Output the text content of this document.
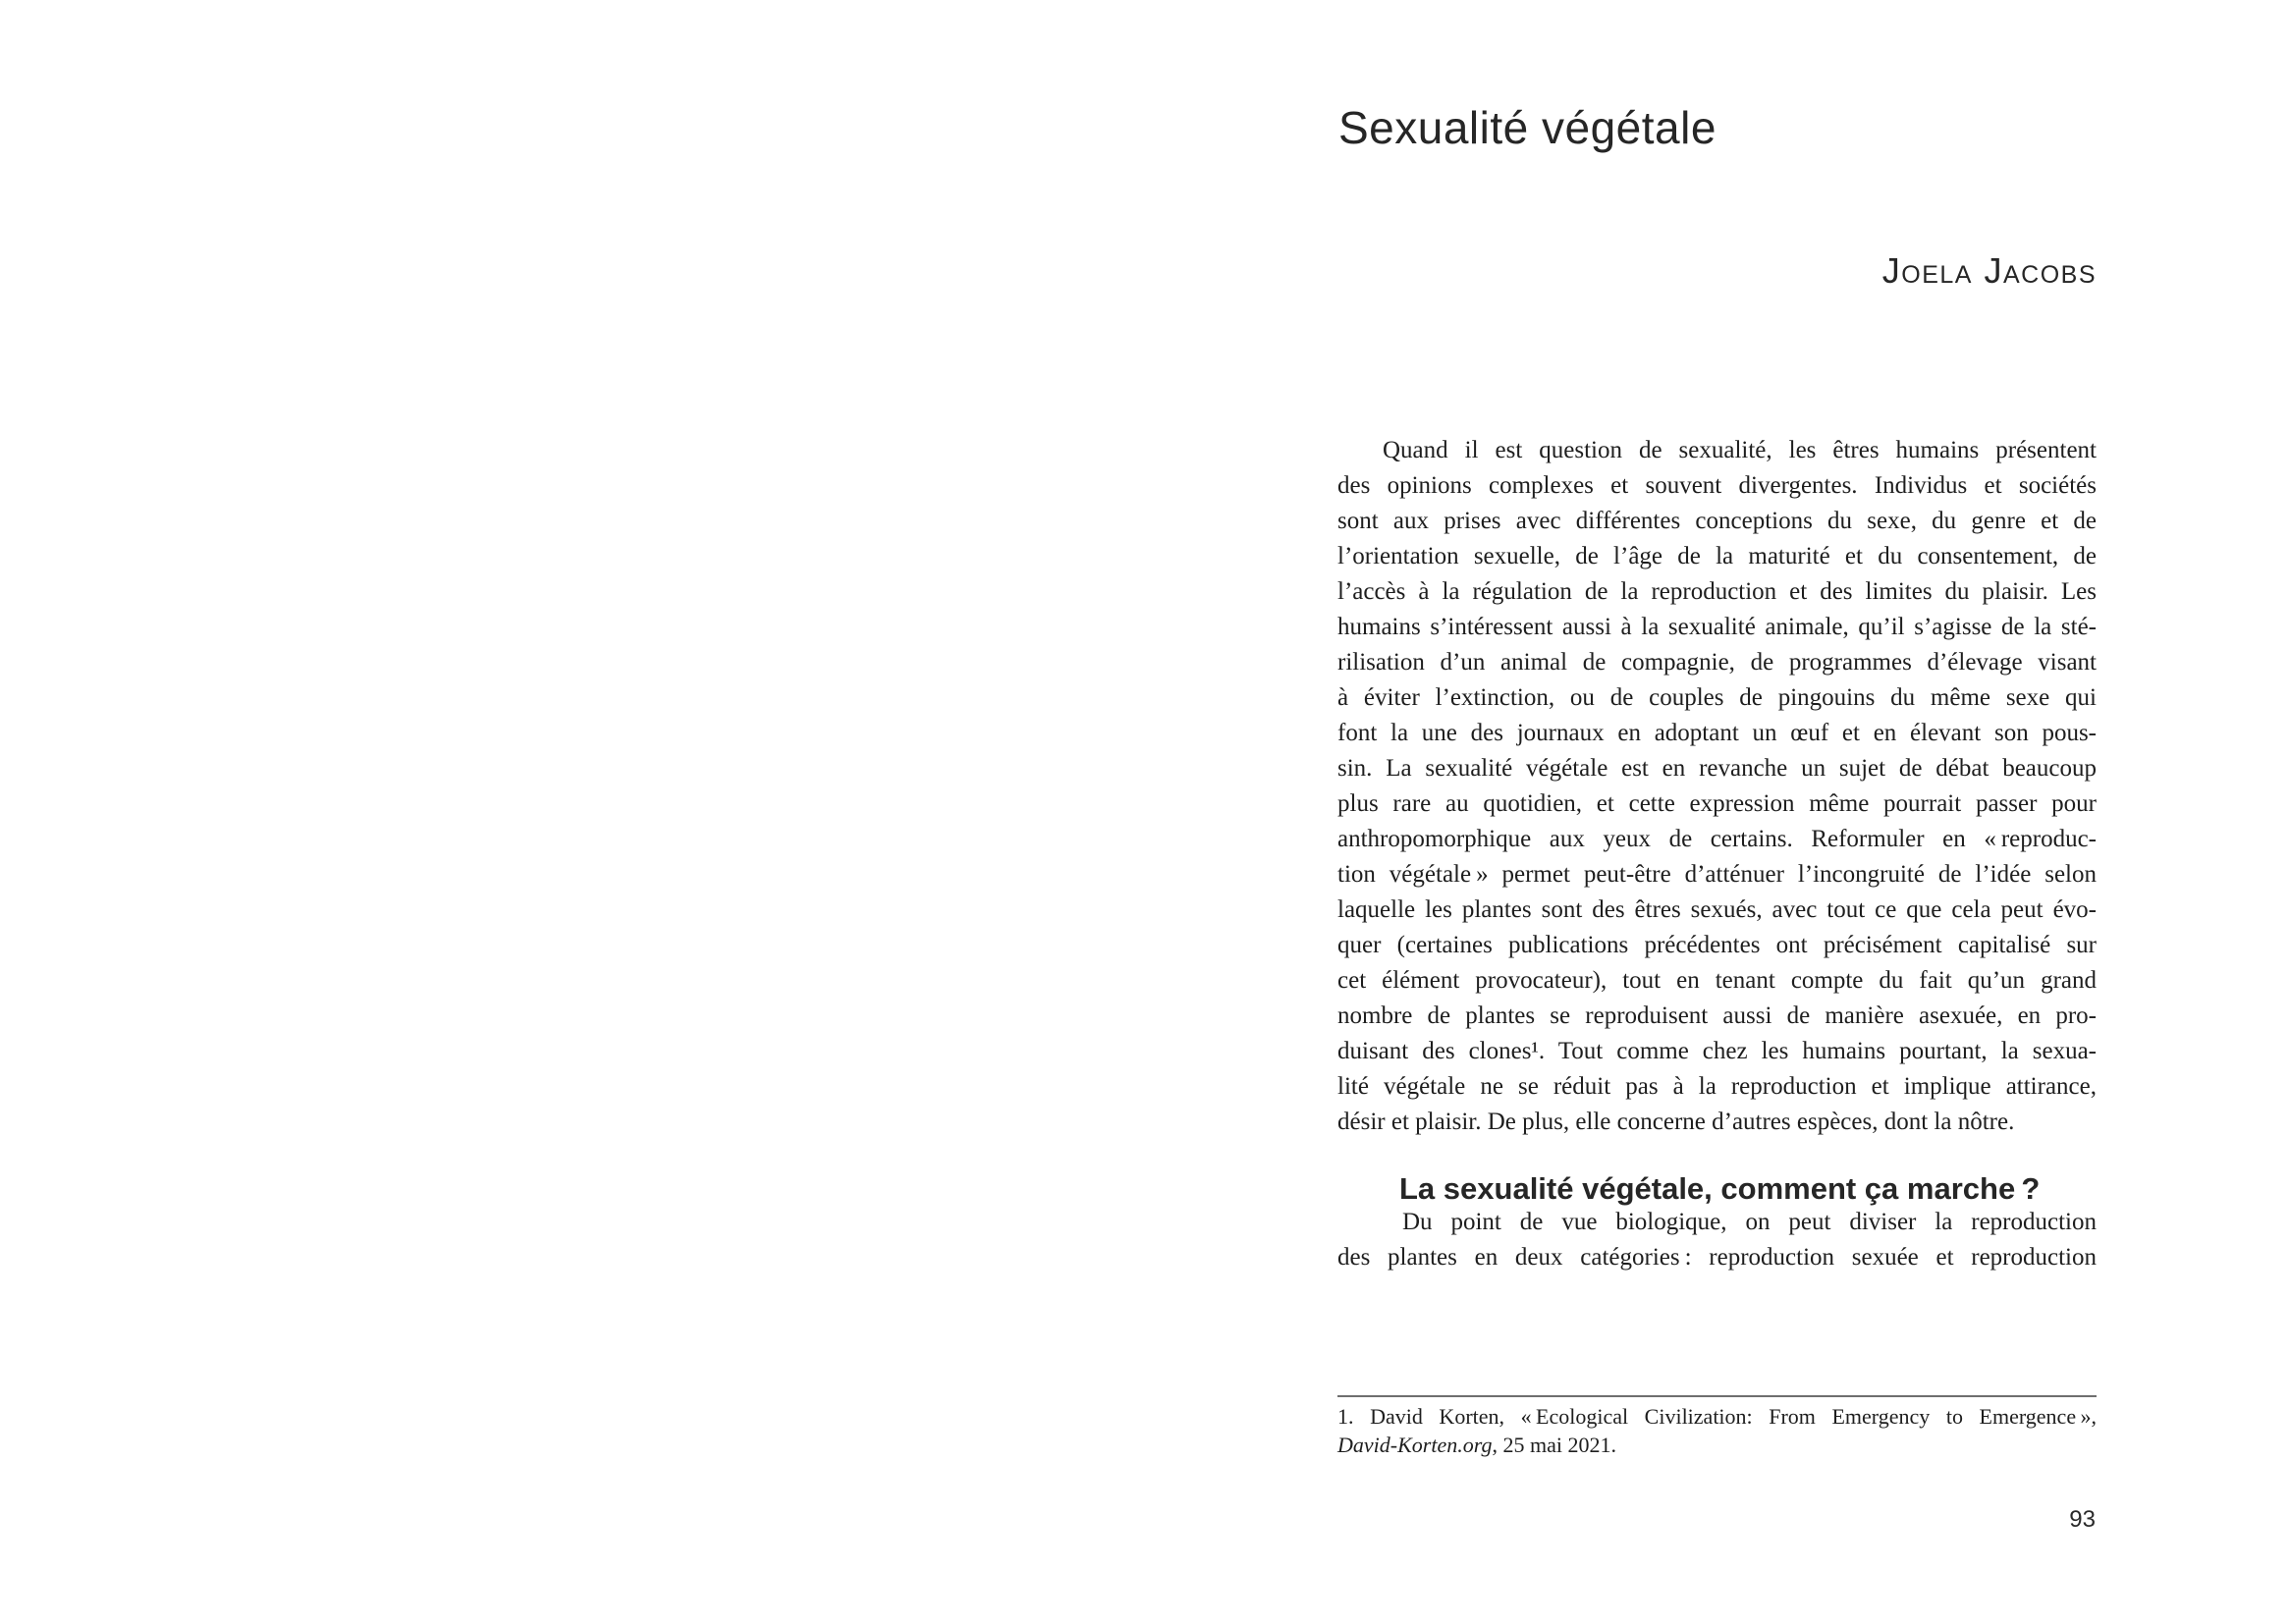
Sexualité végétale
Joela Jacobs
Quand il est question de sexualité, les êtres humains présentent
des opinions complexes et souvent divergentes. Individus et sociétés
sont aux prises avec différentes conceptions du sexe, du genre et de
l’orientation sexuelle, de l’âge de la maturité et du consentement, de
l’accès à la régulation de la reproduction et des limites du plaisir. Les
humains s’intéressent aussi à la sexualité animale, qu’il s’agisse de la sté-
rilisation d’un animal de compagnie, de programmes d’élevage visant
à éviter l’extinction, ou de couples de pingouins du même sexe qui
font la une des journaux en adoptant un œuf et en élevant son pous-
sin. La sexualité végétale est en revanche un sujet de débat beaucoup
plus rare au quotidien, et cette expression même pourrait passer pour
anthropomorphique aux yeux de certains. Reformuler en « reproduc-
tion végétale » permet peut-être d’atténuer l’incongruité de l’idée selon
laquelle les plantes sont des êtres sexués, avec tout ce que cela peut évo-
quer (certaines publications précédentes ont précisément capitalisé sur
cet élément provocateur), tout en tenant compte du fait qu’un grand
nombre de plantes se reproduisent aussi de manière asexuée, en pro-
duisant des clones¹. Tout comme chez les humains pourtant, la sexua-
lité végétale ne se réduit pas à la reproduction et implique attirance,
désir et plaisir. De plus, elle concerne d’autres espèces, dont la nôtre.
La sexualité végétale, comment ça marche ?
Du point de vue biologique, on peut diviser la reproduction
des plantes en deux catégories : reproduction sexuée et reproduction
1. David Korten, « Ecological Civilization: From Emergency to Emergence »,
David-Korten.org, 25 mai 2021.
93
